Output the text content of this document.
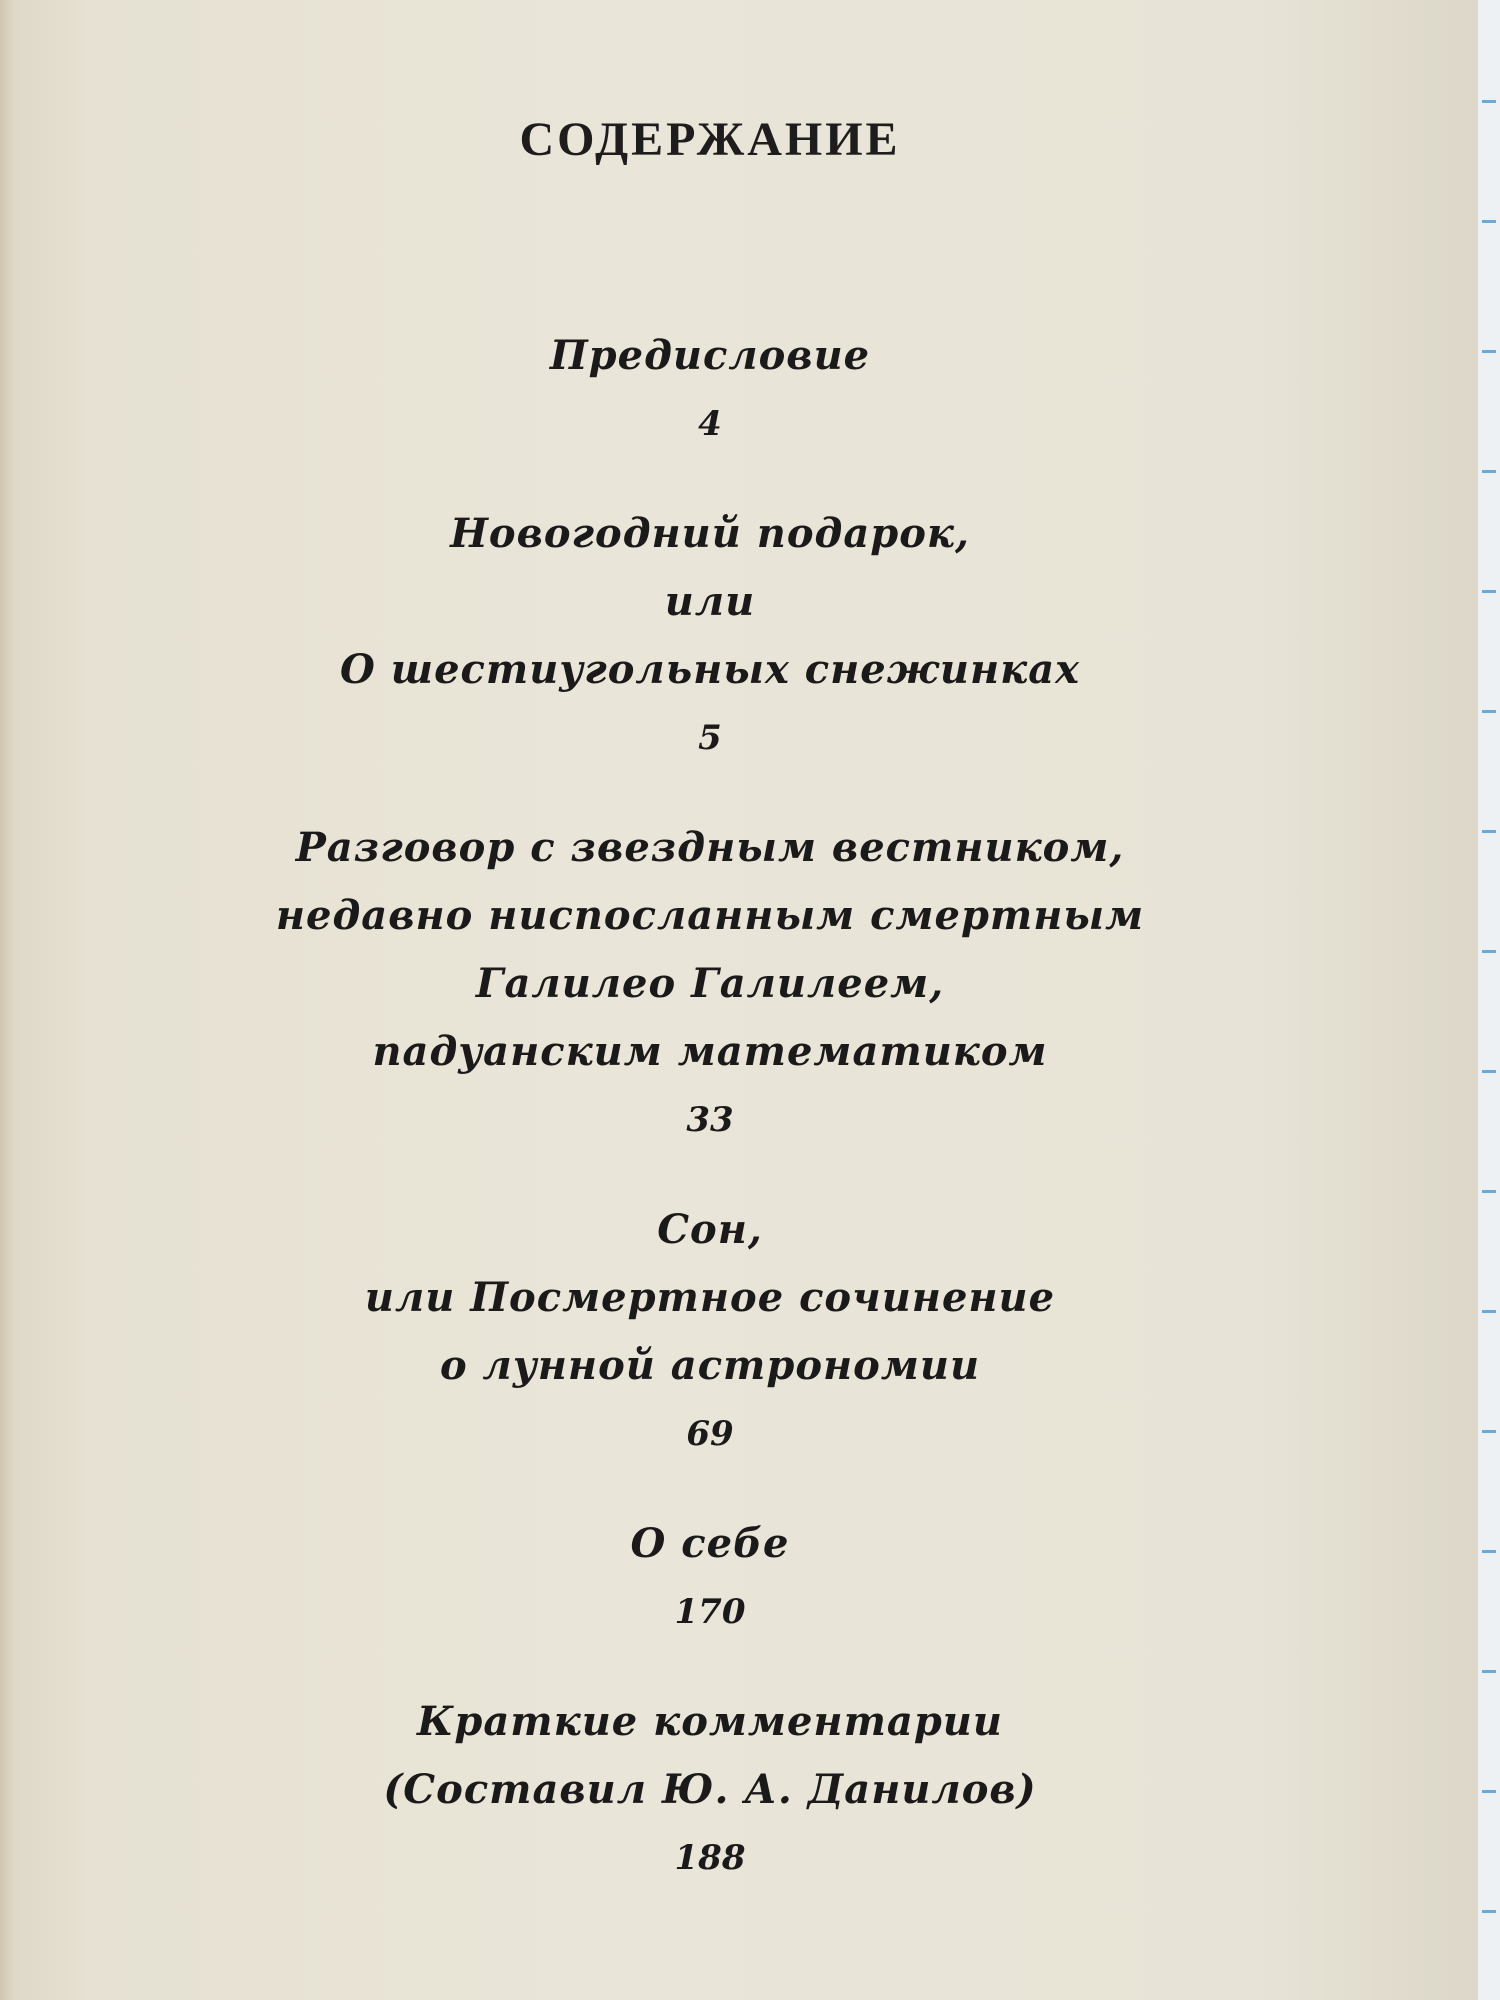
СОДЕРЖАНИЕ
Предисловие
4
Новогодний подарок,
или
О шестиугольных снежинках
5
Разговор с звездным вестником,
недавно ниспосланным смертным
Галилео Галилеем,
падуанским математиком
33
Сон,
или Посмертное сочинение
о лунной астрономии
69
О себе
170
Краткие комментарии
(Составил Ю. А. Данилов)
188
